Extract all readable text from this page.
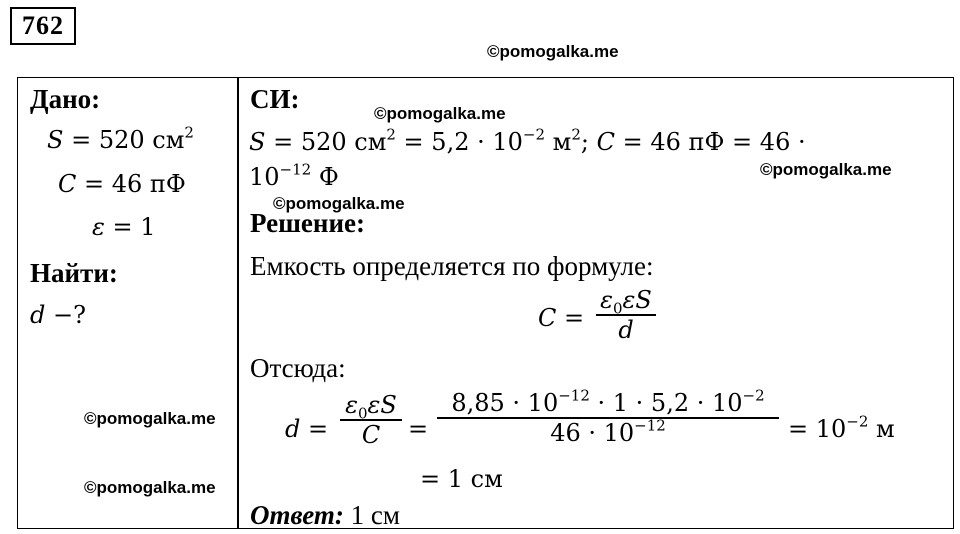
762
©pomogalka.me
©pomogalka.me
©pomogalka.me
©pomogalka.me
©pomogalka.me
©pomogalka.me
Дано:
S = 520 $см^2$
C = 46 пФ
ε = 1
Найти:
d −?
СИ:
S = 520 $см^2 = 5,2 \cdot 10^{-2}$ $м^2$; C = 46 пФ = 46 ·
$10^{-12}$ Ф
Решение:
Емкость определяется по формуле:
C =
$\varepsilon_0\varepsilon S$
d
Отсюда:
d =
$\varepsilon_0\varepsilon S$
C	=
$8,85 \cdot 10^{-12} \cdot 1 \cdot 5,2 \cdot 10^{-2}$
$46 \cdot 10^{-12}$	= $10^{-2}$ м
= 1 см
Ответ: 1 см
